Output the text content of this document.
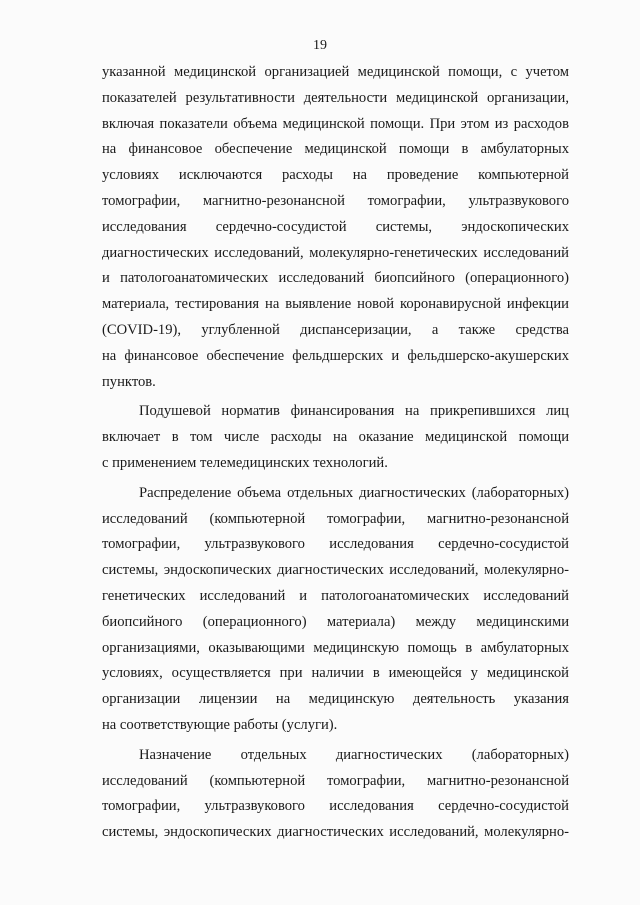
19
указанной медицинской организацией медицинской помощи, с учетом
показателей результативности деятельности медицинской организации,
включая показатели объема медицинской помощи. При этом из расходов
на финансовое обеспечение медицинской помощи в амбулаторных
условиях исключаются расходы на проведение компьютерной
томографии, магнитно-резонансной томографии, ультразвукового
исследования сердечно-сосудистой системы, эндоскопических
диагностических исследований, молекулярно-генетических исследований
и патологоанатомических исследований биопсийного (операционного)
материала, тестирования на выявление новой коронавирусной инфекции
(COVID-19), углубленной диспансеризации, а также средства
на финансовое обеспечение фельдшерских и фельдшерско-акушерских
пунктов.
Подушевой норматив финансирования на прикрепившихся лиц
включает в том числе расходы на оказание медицинской помощи
с применением телемедицинских технологий.
Распределение объема отдельных диагностических (лабораторных)
исследований (компьютерной томографии, магнитно-резонансной
томографии, ультразвукового исследования сердечно-сосудистой
системы, эндоскопических диагностических исследований, молекулярно-
генетических исследований и патологоанатомических исследований
биопсийного (операционного) материала) между медицинскими
организациями, оказывающими медицинскую помощь в амбулаторных
условиях, осуществляется при наличии в имеющейся у медицинской
организации лицензии на медицинскую деятельность указания
на соответствующие работы (услуги).
Назначение отдельных диагностических (лабораторных)
исследований (компьютерной томографии, магнитно-резонансной
томографии, ультразвукового исследования сердечно-сосудистой
системы, эндоскопических диагностических исследований, молекулярно-
